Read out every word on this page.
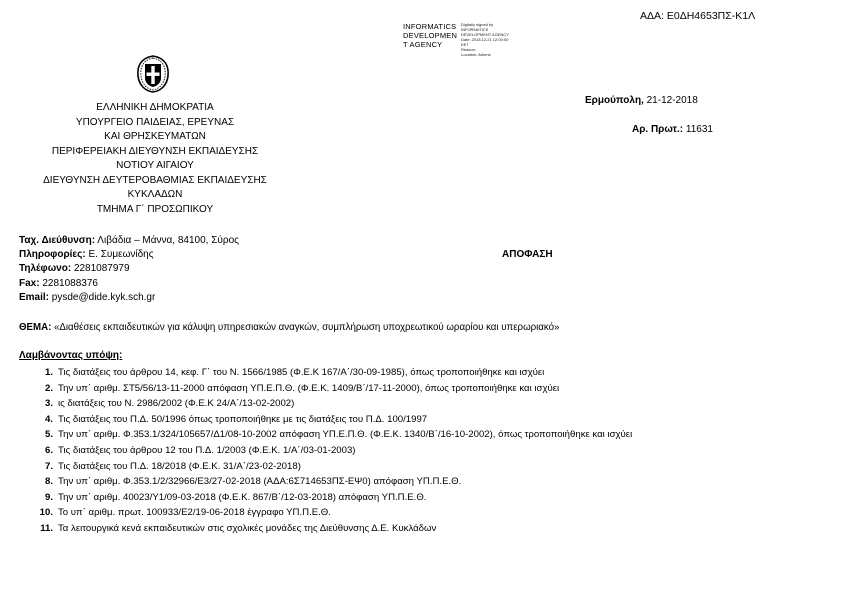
ΑΔΑ: Ε0ΔΗ4653ΠΣ-Κ1Λ
INFORMATICS
DEVELOPMEN
T AGENCY
Digitally signed by
INFORMATICS
DEVELOPMENT AGENCY
Date: 2018.12.21 12:00:00
EET
Reason:
Location: Athens
ΕΛΛΗΝΙΚΗ ΔΗΜΟΚΡΑΤΙΑ
ΥΠΟΥΡΓΕΙΟ ΠΑΙΔΕΙΑΣ, ΕΡΕΥΝΑΣ
ΚΑΙ ΘΡΗΣΚΕΥΜΑΤΩΝ
ΠΕΡΙΦΕΡΕΙΑΚΗ ΔΙΕΥΘΥΝΣΗ ΕΚΠΑΙΔΕΥΣΗΣ
ΝΟΤΙΟΥ ΑΙΓΑΙΟΥ
ΔΙΕΥΘΥΝΣΗ ΔΕΥΤΕΡΟΒΑΘΜΙΑΣ ΕΚΠΑΙΔΕΥΣΗΣ
ΚΥΚΛΑΔΩΝ
ΤΜΗΜΑ Γ΄ ΠΡΟΣΩΠΙΚΟΥ
Ερμούπολη, 21-12-2018
Αρ. Πρωτ.: 11631
Ταχ. Διεύθυνση: Λιβάδια – Μάννα, 84100, Σύρος
Πληροφορίες: Ε. Συμεωνίδης
Τηλέφωνο: 2281087979
Fax: 2281088376
Email: pysde@dide.kyk.sch.gr
ΑΠΟΦΑΣΗ
ΘΕΜΑ: «Διαθέσεις εκπαιδευτικών για κάλυψη υπηρεσιακών αναγκών, συμπλήρωση υποχρεωτικού ωραρίου και υπερωριακό»
Λαμβάνοντας υπόψη:
1. Τις διατάξεις του άρθρου 14, κεφ. Γ΄ του Ν. 1566/1985 (Φ.Ε.Κ 167/Α΄/30-09-1985), όπως τροποποιήθηκε και ισχύει
2. Την υπ΄ αριθμ. ΣΤ5/56/13-11-2000 απόφαση ΥΠ.Ε.Π.Θ. (Φ.Ε.Κ. 1409/Β΄/17-11-2000), όπως τροποποιήθηκε και ισχύει
3. ις διατάξεις του Ν. 2986/2002 (Φ.Ε.Κ 24/Α΄/13-02-2002)
4. Τις διατάξεις του Π.Δ. 50/1996 όπως τροποποιήθηκε με τις διατάξεις του Π.Δ. 100/1997
5. Την υπ΄ αριθμ. Φ.353.1/324/105657/Δ1/08-10-2002 απόφαση ΥΠ.Ε.Π.Θ. (Φ.Ε.Κ. 1340/Β΄/16-10-2002), όπως τροποποιήθηκε και ισχύει
6. Τις διατάξεις του άρθρου 12 του Π.Δ. 1/2003 (Φ.Ε.Κ. 1/Α΄/03-01-2003)
7. Τις διατάξεις του Π.Δ. 18/2018 (Φ.Ε.Κ. 31/Α΄/23-02-2018)
8. Την υπ΄ αριθμ. Φ.353.1/2/32966/Ε3/27-02-2018 (ΑΔΑ:6Σ714653ΠΣ-ΕΨ0) απόφαση ΥΠ.Π.Ε.Θ.
9. Την υπ΄ αριθμ. 40023/Υ1/09-03-2018 (Φ.Ε.Κ. 867/Β΄/12-03-2018) απόφαση ΥΠ.Π.Ε.Θ.
10. Το υπ΄ αριθμ. πρωτ. 100933/Ε2/19-06-2018 έγγραφο ΥΠ.Π.Ε.Θ.
11. Τα λειτουργικά κενά εκπαιδευτικών στις σχολικές μονάδες της Διεύθυνσης Δ.Ε. Κυκλάδων
